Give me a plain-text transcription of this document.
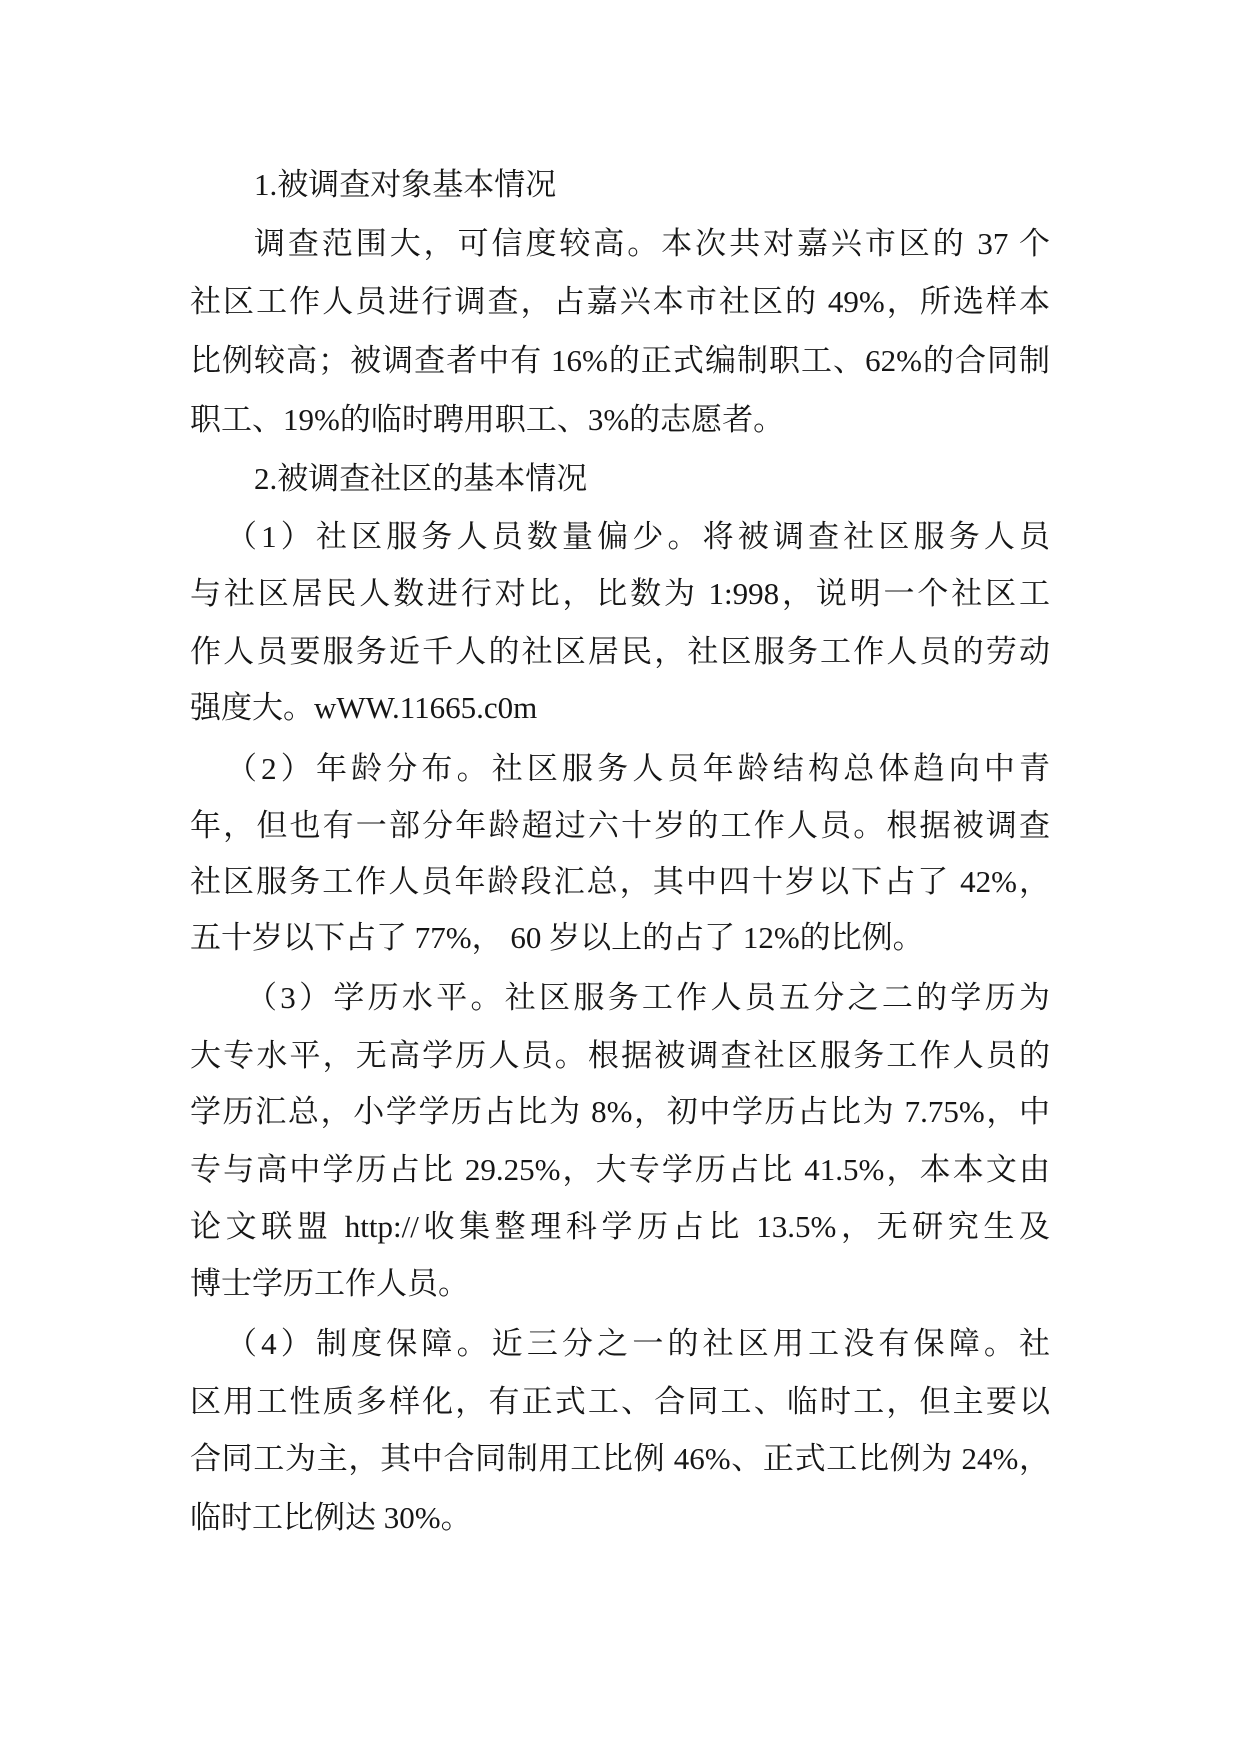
1.被调查对象基本情况
调查范围大，可信度较高。本次共对嘉兴市区的 37 个
社区工作人员进行调查，占嘉兴本市社区的 49%，所选样本
比例较高；被调查者中有 16%的正式编制职工、62%的合同制
职工、19%的临时聘用职工、3%的志愿者。
2.被调查社区的基本情况
（1）社区服务人员数量偏少。将被调查社区服务人员
与社区居民人数进行对比，比数为 1:998，说明一个社区工
作人员要服务近千人的社区居民，社区服务工作人员的劳动
强度大。wWW.11665.c0m
（2）年龄分布。社区服务人员年龄结构总体趋向中青
年，但也有一部分年龄超过六十岁的工作人员。根据被调查
社区服务工作人员年龄段汇总，其中四十岁以下占了 42%，
五十岁以下占了 77%， 60 岁以上的占了 12%的比例。
（3）学历水平。社区服务工作人员五分之二的学历为
大专水平，无高学历人员。根据被调查社区服务工作人员的
学历汇总，小学学历占比为 8%，初中学历占比为 7.75%，中
专与高中学历占比 29.25%，大专学历占比 41.5%，本本文由
论文联盟 http://收集整理科学历占比 13.5%，无研究生及
博士学历工作人员。
（4）制度保障。近三分之一的社区用工没有保障。社
区用工性质多样化，有正式工、合同工、临时工，但主要以
合同工为主，其中合同制用工比例 46%、正式工比例为 24%，
临时工比例达 30%。
